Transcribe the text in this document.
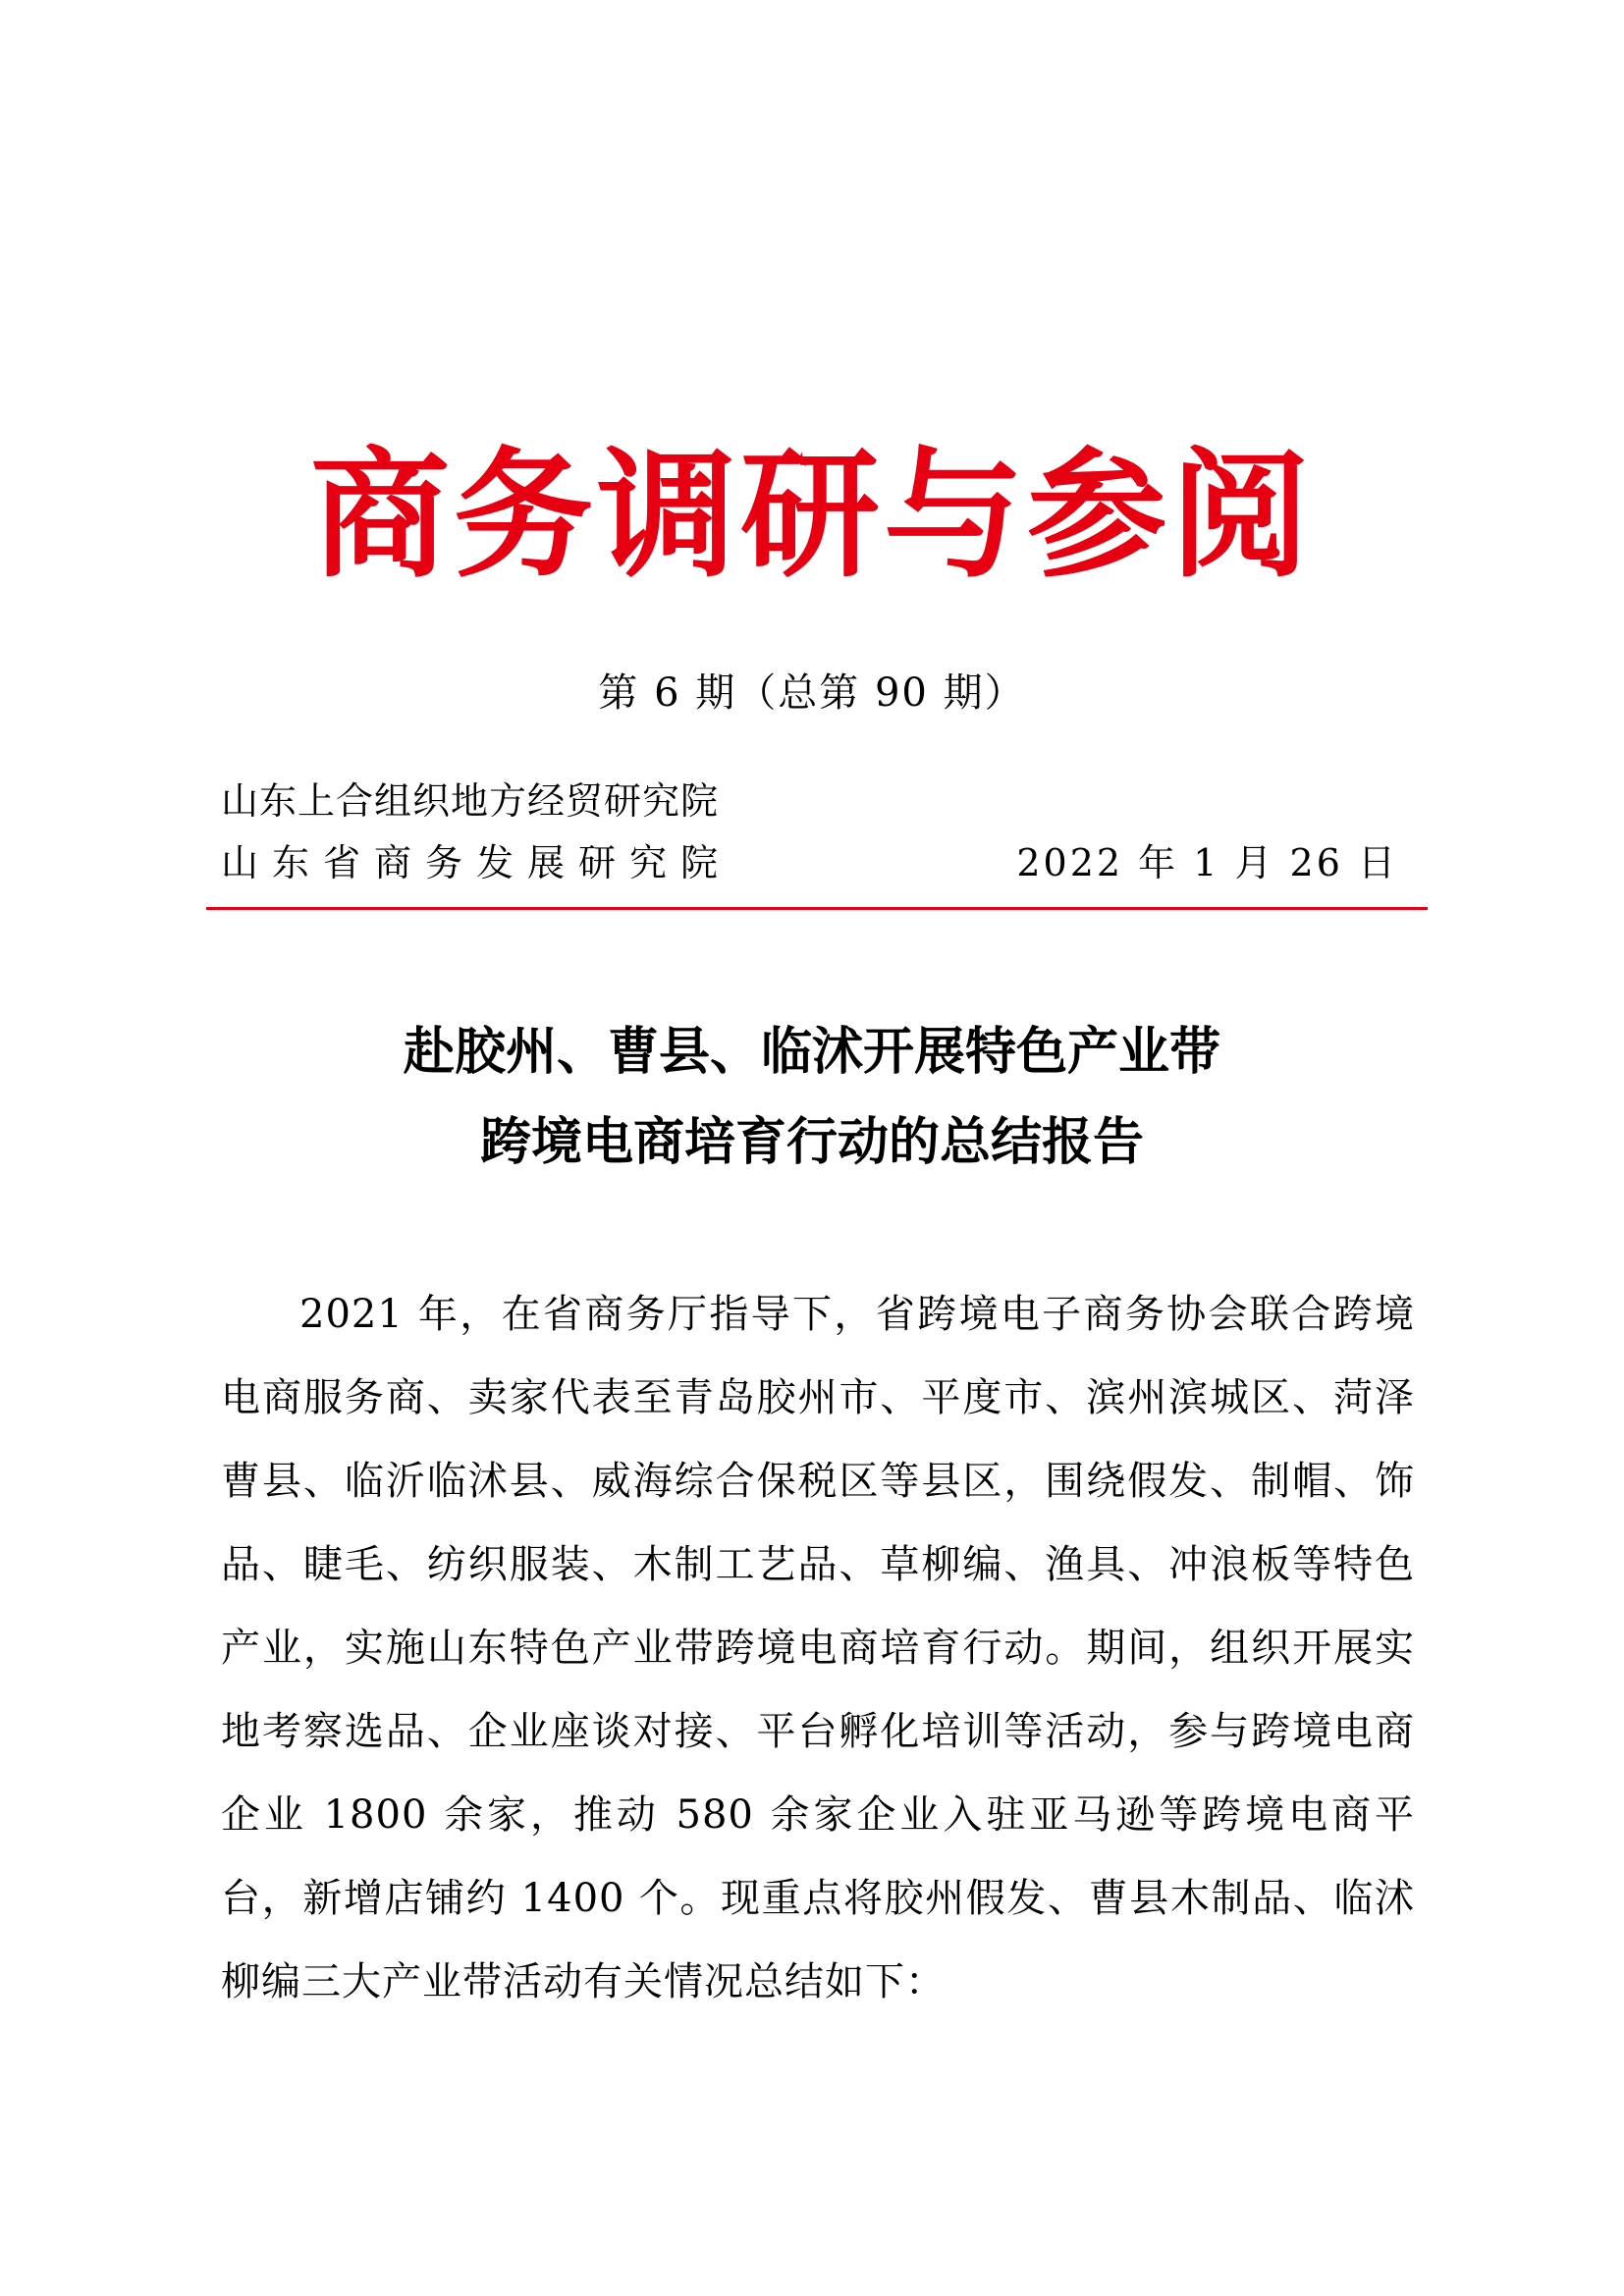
商务调研与参阅
第 6 期（总第 90 期）
山东上合组织地方经贸研究院
山东省商务发展研究院	2022 年 1 月 26 日
赴胶州、曹县、临沭开展特色产业带
跨境电商培育行动的总结报告

2021 年，在省商务厅指导下，省跨境电子商务协会联合跨境电商服务商、卖家代表至青岛胶州市、平度市、滨州滨城区、菏泽曹县、临沂临沭县、威海综合保税区等县区，围绕假发、制帽、饰品、睫毛、纺织服装、木制工艺品、草柳编、渔具、冲浪板等特色产业，实施山东特色产业带跨境电商培育行动。期间，组织开展实地考察选品、企业座谈对接、平台孵化培训等活动，参与跨境电商企业 1800 余家，推动 580 余家企业入驻亚马逊等跨境电商平台，新增店铺约 1400 个。现重点将胶州假发、曹县木制品、临沭柳编三大产业带活动有关情况总结如下：
